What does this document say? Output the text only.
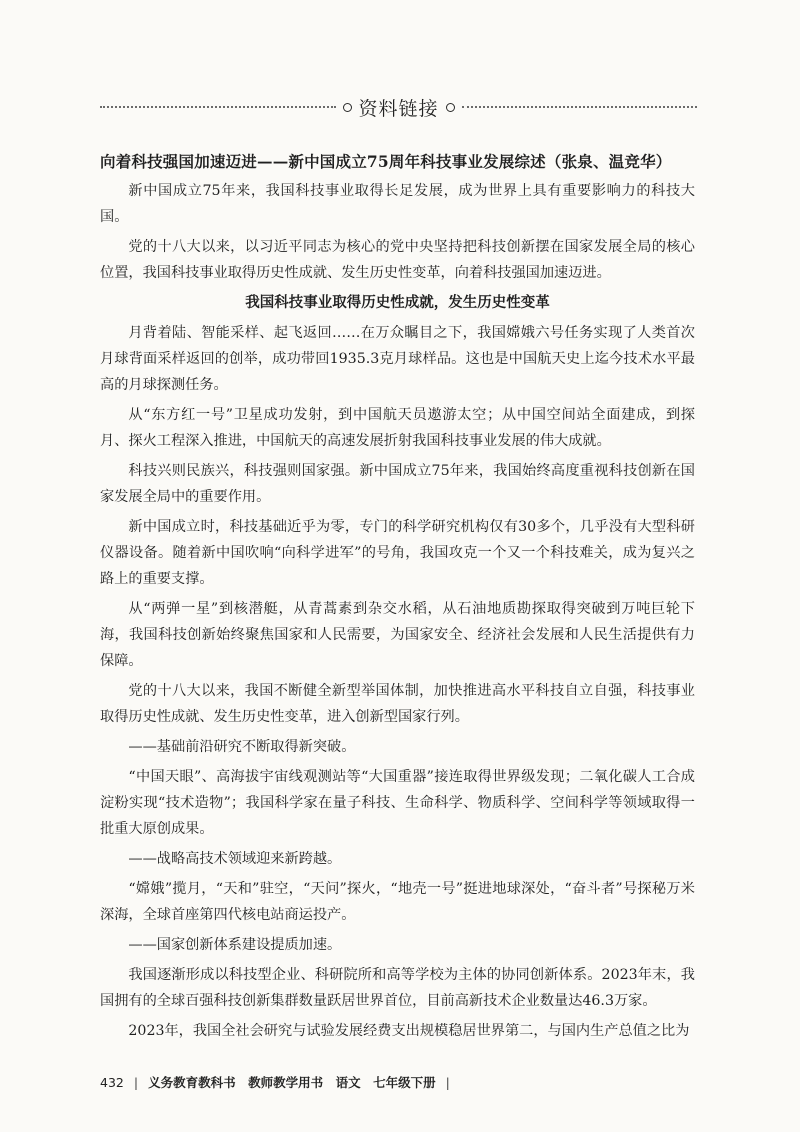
资料链接
向着科技强国加速迈进——新中国成立75周年科技事业发展综述（张泉、温竞华）

新中国成立75年来，我国科技事业取得长足发展，成为世界上具有重要影响力的科技大国。

党的十八大以来，以习近平同志为核心的党中央坚持把科技创新摆在国家发展全局的核心位置，我国科技事业取得历史性成就、发生历史性变革，向着科技强国加速迈进。

我国科技事业取得历史性成就，发生历史性变革

月背着陆、智能采样、起飞返回……在万众瞩目之下，我国嫦娥六号任务实现了人类首次月球背面采样返回的创举，成功带回1935.3克月球样品。这也是中国航天史上迄今技术水平最高的月球探测任务。

从“东方红一号”卫星成功发射，到中国航天员遨游太空；从中国空间站全面建成，到探月、探火工程深入推进，中国航天的高速发展折射我国科技事业发展的伟大成就。

科技兴则民族兴，科技强则国家强。新中国成立75年来，我国始终高度重视科技创新在国家发展全局中的重要作用。

新中国成立时，科技基础近乎为零，专门的科学研究机构仅有30多个，几乎没有大型科研仪器设备。随着新中国吹响“向科学进军”的号角，我国攻克一个又一个科技难关，成为复兴之路上的重要支撑。

从“两弹一星”到核潜艇，从青蒿素到杂交水稻，从石油地质勘探取得突破到万吨巨轮下海，我国科技创新始终聚焦国家和人民需要，为国家安全、经济社会发展和人民生活提供有力保障。

党的十八大以来，我国不断健全新型举国体制，加快推进高水平科技自立自强，科技事业取得历史性成就、发生历史性变革，进入创新型国家行列。

——基础前沿研究不断取得新突破。

“中国天眼”、高海拔宇宙线观测站等“大国重器”接连取得世界级发现；二氧化碳人工合成淀粉实现“技术造物”；我国科学家在量子科技、生命科学、物质科学、空间科学等领域取得一批重大原创成果。

——战略高技术领域迎来新跨越。

“嫦娥”揽月，“天和”驻空，“天问”探火，“地壳一号”挺进地球深处，“奋斗者”号探秘万米深海，全球首座第四代核电站商运投产。

——国家创新体系建设提质加速。

我国逐渐形成以科技型企业、科研院所和高等学校为主体的协同创新体系。2023年末，我国拥有的全球百强科技创新集群数量跃居世界首位，目前高新技术企业数量达46.3万家。

2023年，我国全社会研究与试验发展经费支出规模稳居世界第二，与国内生产总值之比为

432 | 义务教育教科书　教师教学用书　语文　七年级下册 |
